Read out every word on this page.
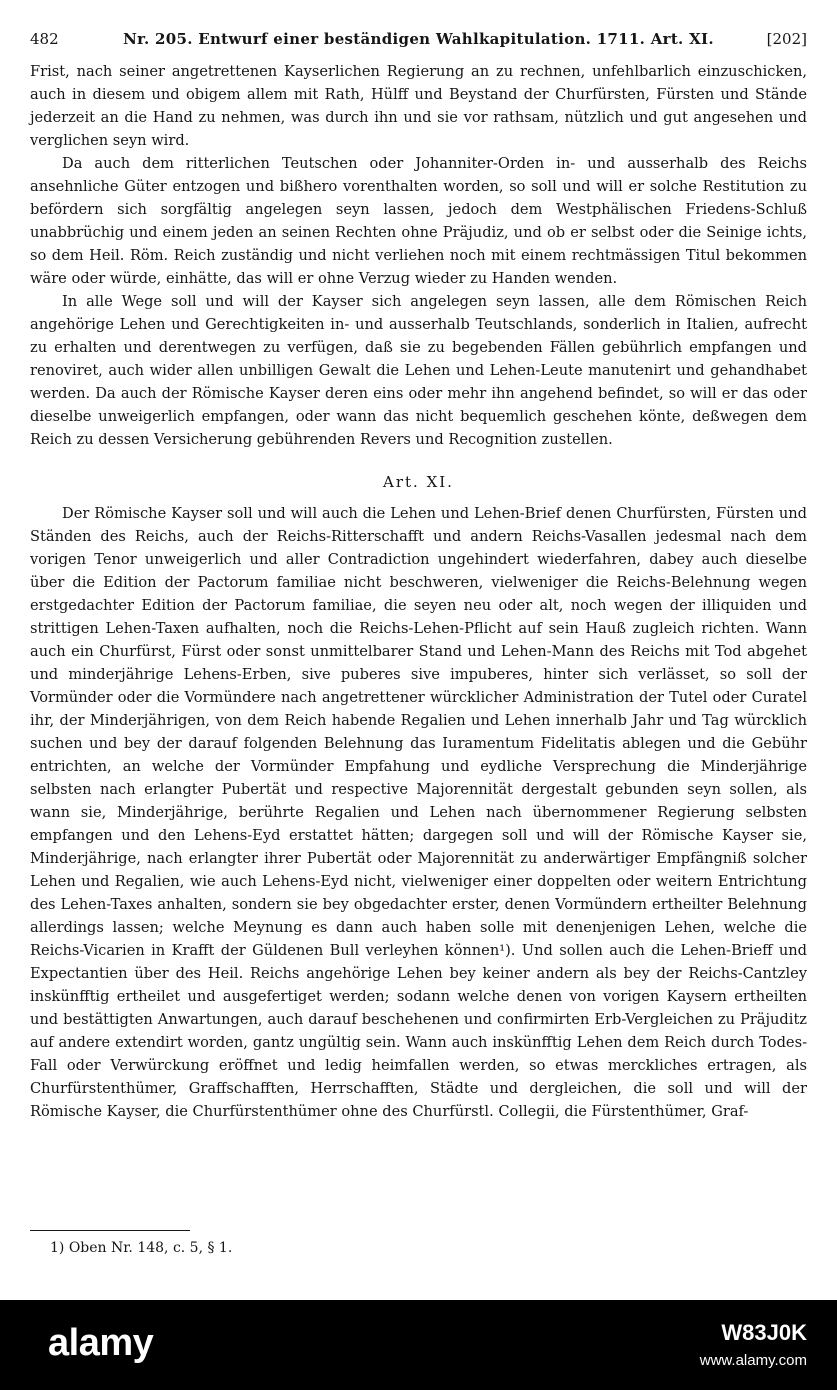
482	Nr. 205. Entwurf einer beständigen Wahlkapitulation. 1711. Art. XI.	[202]

Frist, nach seiner angetrettenen Kayserlichen Regierung an zu rechnen, unfehlbarlich einzuschicken, auch in diesem und obigem allem mit Rath, Hülff und Beystand der Churfürsten, Fürsten und Stände jederzeit an die Hand zu nehmen, was durch ihn und sie vor rathsam, nützlich und gut angesehen und verglichen seyn wird.

Da auch dem ritterlichen Teutschen oder Johanniter-Orden in- und ausserhalb des Reichs ansehnliche Güter entzogen und bißhero vorenthalten worden, so soll und will er solche Restitution zu befördern sich sorgfältig angelegen seyn lassen, jedoch dem Westphälischen Friedens-Schluß unabbrüchig und einem jeden an seinen Rechten ohne Präjudiz, und ob er selbst oder die Seinige ichts, so dem Heil. Röm. Reich zuständig und nicht verliehen noch mit einem rechtmässigen Titul bekommen wäre oder würde, einhätte, das will er ohne Verzug wieder zu Handen wenden.

In alle Wege soll und will der Kayser sich angelegen seyn lassen, alle dem Römischen Reich angehörige Lehen und Gerechtigkeiten in- und ausserhalb Teutschlands, sonderlich in Italien, aufrecht zu erhalten und derentwegen zu verfügen, daß sie zu begebenden Fällen gebührlich empfangen und renoviret, auch wider allen unbilligen Gewalt die Lehen und Lehen-Leute manutenirt und gehandhabet werden. Da auch der Römische Kayser deren eins oder mehr ihn angehend befindet, so will er das oder dieselbe unweigerlich empfangen, oder wann das nicht bequemlich geschehen könte, deßwegen dem Reich zu dessen Versicherung gebührenden Revers und Recognition zustellen.

Art. XI.

Der Römische Kayser soll und will auch die Lehen und Lehen-Brief denen Churfürsten, Fürsten und Ständen des Reichs, auch der Reichs-Ritterschafft und andern Reichs-Vasallen jedesmal nach dem vorigen Tenor unweigerlich und aller Contradiction ungehindert wiederfahren, dabey auch dieselbe über die Edition der Pactorum familiae nicht beschweren, vielweniger die Reichs-Belehnung wegen erstgedachter Edition der Pactorum familiae, die seyen neu oder alt, noch wegen der illiquiden und strittigen Lehen-Taxen aufhalten, noch die Reichs-Lehen-Pflicht auf sein Hauß zugleich richten. Wann auch ein Churfürst, Fürst oder sonst unmittelbarer Stand und Lehen-Mann des Reichs mit Tod abgehet und minderjährige Lehens-Erben, sive puberes sive impuberes, hinter sich verlässet, so soll der Vormünder oder die Vormündere nach angetrettener würcklicher Administration der Tutel oder Curatel ihr, der Minderjährigen, von dem Reich habende Regalien und Lehen innerhalb Jahr und Tag würcklich suchen und bey der darauf folgenden Belehnung das Iuramentum Fidelitatis ablegen und die Gebühr entrichten, an welche der Vormünder Empfahung und eydliche Versprechung die Minderjährige selbsten nach erlangter Pubertät und respective Majorennität dergestalt gebunden seyn sollen, als wann sie, Minderjährige, berührte Regalien und Lehen nach übernommener Regierung selbsten empfangen und den Lehens-Eyd erstattet hätten; dargegen soll und will der Römische Kayser sie, Minderjährige, nach erlangter ihrer Pubertät oder Majorennität zu anderwärtiger Empfängniß solcher Lehen und Regalien, wie auch Lehens-Eyd nicht, vielweniger einer doppelten oder weitern Entrichtung des Lehen-Taxes anhalten, sondern sie bey obgedachter erster, denen Vormündern ertheilter Belehnung allerdings lassen; welche Meynung es dann auch haben solle mit denenjenigen Lehen, welche die Reichs-Vicarien in Krafft der Güldenen Bull verleyhen können¹). Und sollen auch die Lehen-Brieff und Expectantien über des Heil. Reichs angehörige Lehen bey keiner andern als bey der Reichs-Cantzley inskünfftig ertheilet und ausgefertiget werden; sodann welche denen von vorigen Kaysern ertheilten und bestättigten Anwartungen, auch darauf beschehenen und confirmirten Erb-Vergleichen zu Präjuditz auf andere extendirt worden, gantz ungültig sein. Wann auch inskünfftig Lehen dem Reich durch Todes-Fall oder Verwürckung eröffnet und ledig heimfallen werden, so etwas merckliches ertragen, als Churfürstenthümer, Graffschafften, Herrschafften, Städte und dergleichen, die soll und will der Römische Kayser, die Churfürstenthümer ohne des Churfürstl. Collegii, die Fürstenthümer, Graf-

1) Oben Nr. 148, c. 5, § 1.
alamy	W83J0K
www.alamy.com
